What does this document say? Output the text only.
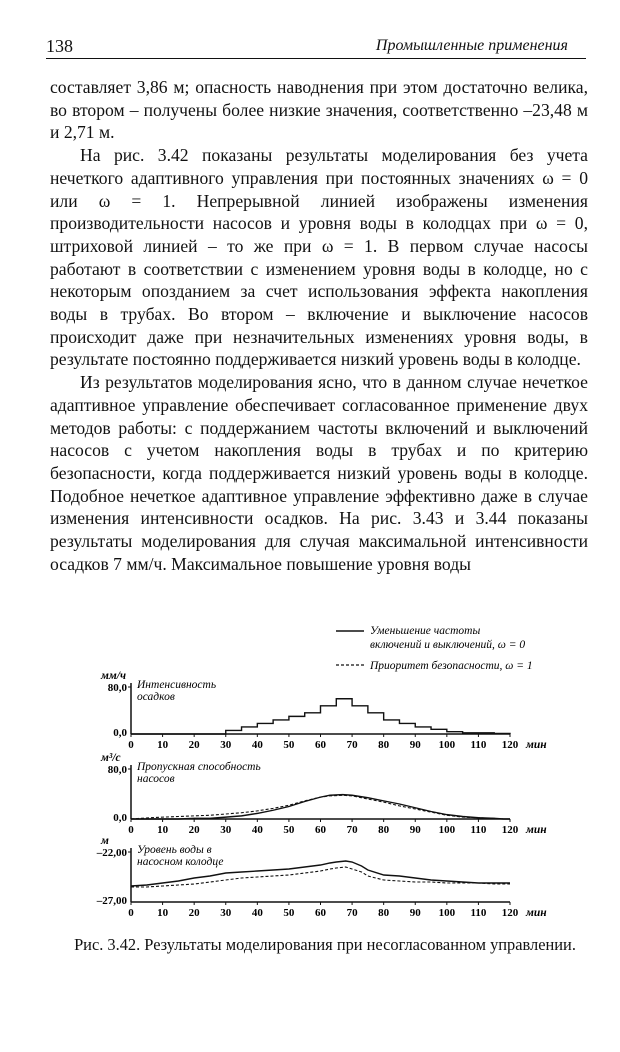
138	Промышленные применения

составляет 3,86 м; опасность наводнения при этом достаточно велика, во втором – получены более низкие значения, соответственно –23,48 м и 2,71 м.

На рис. 3.42 показаны результаты моделирования без учета нечеткого адаптивного управления при постоянных значениях ω = 0 или ω = 1. Непрерывной линией изображены изменения производительности насосов и уровня воды в колодцах при ω = 0, штриховой линией – то же при ω = 1. В первом случае насосы работают в соответствии с изменением уровня воды в колодце, но с некоторым опозданием за счет использования эффекта накопления воды в трубах. Во втором – включение и выключение насосов происходит даже при незначительных изменениях уровня воды, в результате постоянно поддерживается низкий уровень воды в колодце.

Из результатов моделирования ясно, что в данном случае нечеткое адаптивное управление обеспечивает согласованное применение двух методов работы: с поддержанием частоты включений и выключений насосов с учетом накопления воды в трубах и по критерию безопасности, когда поддерживается низкий уровень воды в колодце. Подобное нечеткое адаптивное управление эффективно даже в случае изменения интенсивности осадков. На рис. 3.43 и 3.44 показаны результаты моделирования для случая максимальной интенсивности осадков 7 мм/ч. Максимальное повышение уровня воды

Уменьшение частоты
включений и выключений, ω = 0
Приоритет безопасности, ω = 1
мм/ч
80,0
0,0
Интенсивность
осадков
0 10 20 30 40 50 60 70 80 90 100 110 120 мин
м³/с
80,0
0,0
Пропускная способность
насосов
0 10 20 30 40 50 60 70 80 90 100 110 120 мин
м
–22,00
–27,00
Уровень воды в
насосном колодце
0 10 20 30 40 50 60 70 80 90 100 110 120 мин
Рис. 3.42. Результаты моделирования при несогласованном управлении.
